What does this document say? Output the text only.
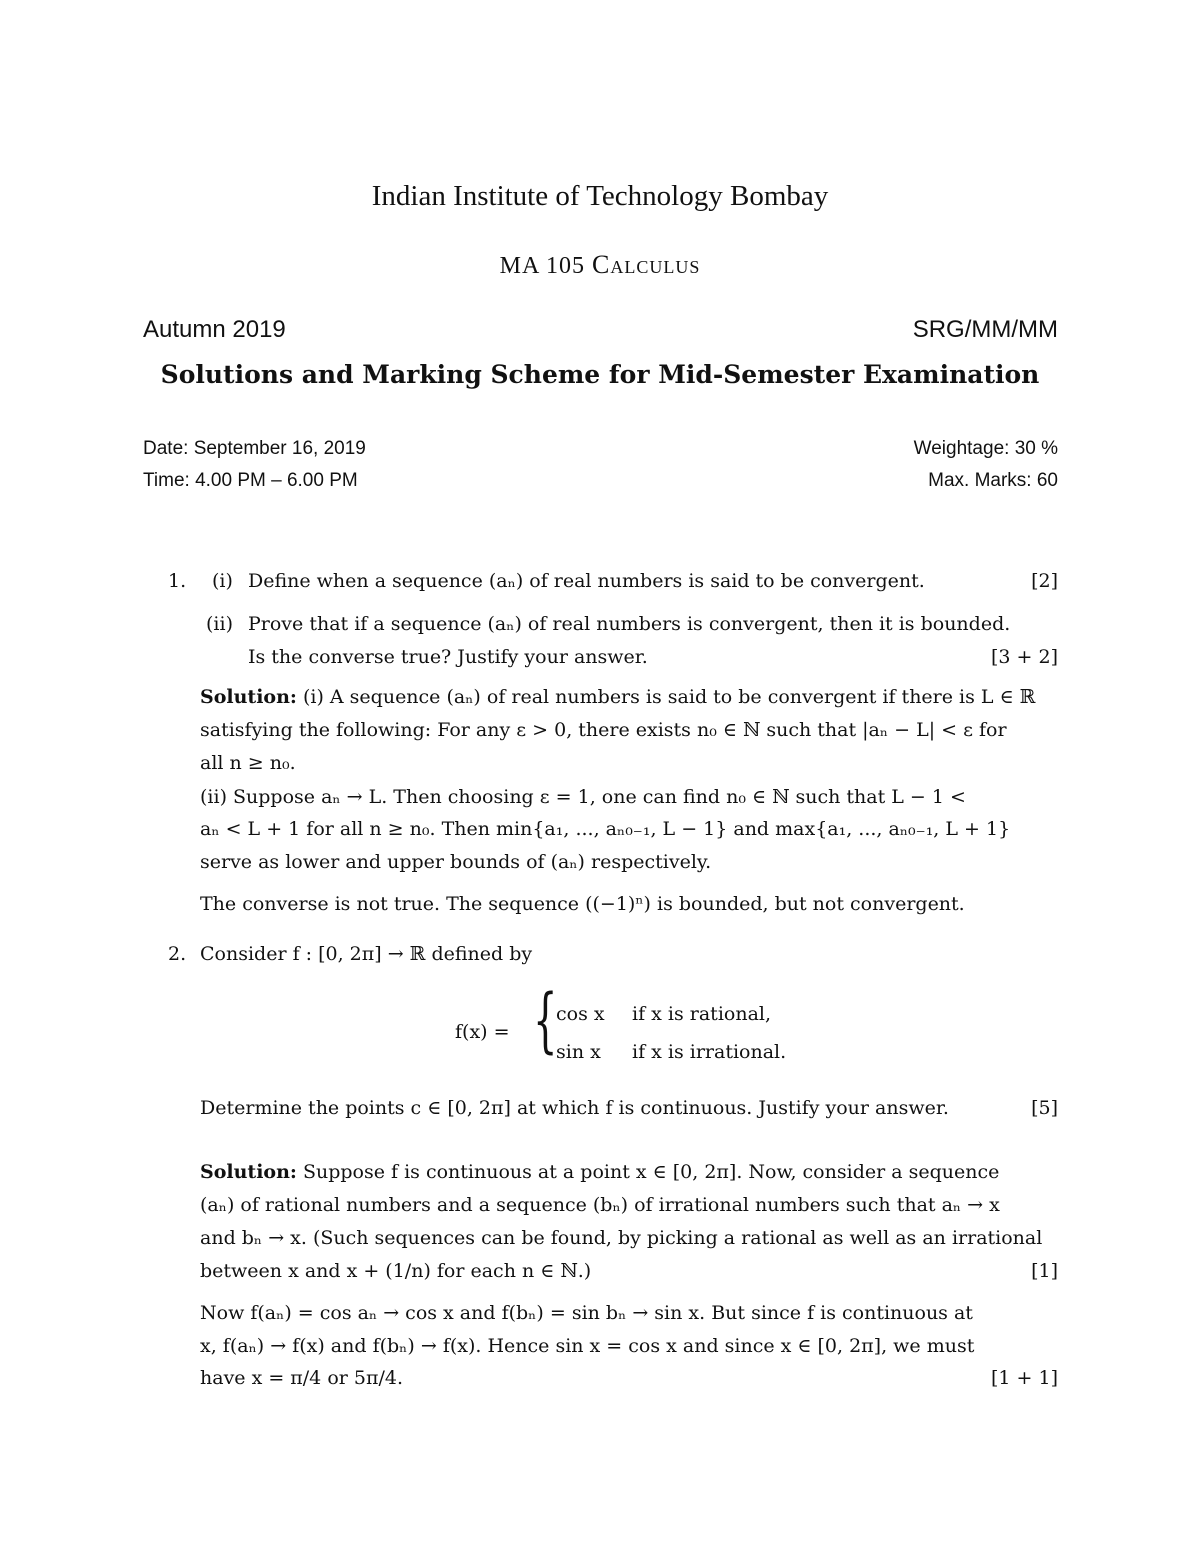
Indian Institute of Technology Bombay
MA 105 Calculus
Autumn 2019	SRG/MM/MM
Solutions and Marking Scheme for Mid-Semester Examination
Date: September 16, 2019
Time: 4.00 PM – 6.00 PM
Weightage: 30 %
Max. Marks: 60
1. (i) Define when a sequence (aₙ) of real numbers is said to be convergent.	[2]
(ii) Prove that if a sequence (aₙ) of real numbers is convergent, then it is bounded.
Is the converse true? Justify your answer.	[3 + 2]
Solution: (i) A sequence (aₙ) of real numbers is said to be convergent if there is L ∈ ℝ
satisfying the following: For any ε > 0, there exists n₀ ∈ ℕ such that |aₙ − L| < ε for
all n ≥ n₀.
(ii) Suppose aₙ → L. Then choosing ε = 1, one can find n₀ ∈ ℕ such that L − 1 <
aₙ < L + 1 for all n ≥ n₀. Then min{a₁, ..., aₙ₀₋₁, L − 1} and max{a₁, ..., aₙ₀₋₁, L + 1}
serve as lower and upper bounds of (aₙ) respectively.
The converse is not true. The sequence ((−1)ⁿ) is bounded, but not convergent.
2. Consider f : [0, 2π] → ℝ defined by
f(x) = {
cos x if x is rational,
sin x if x is irrational.
Determine the points c ∈ [0, 2π] at which f is continuous. Justify your answer.	[5]
Solution: Suppose f is continuous at a point x ∈ [0, 2π]. Now, consider a sequence
(aₙ) of rational numbers and a sequence (bₙ) of irrational numbers such that aₙ → x
and bₙ → x. (Such sequences can be found, by picking a rational as well as an irrational
between x and x + (1/n) for each n ∈ ℕ.)	[1]
Now f(aₙ) = cos aₙ → cos x and f(bₙ) = sin bₙ → sin x. But since f is continuous at
x, f(aₙ) → f(x) and f(bₙ) → f(x). Hence sin x = cos x and since x ∈ [0, 2π], we must
have x = π/4 or 5π/4.	[1 + 1]
